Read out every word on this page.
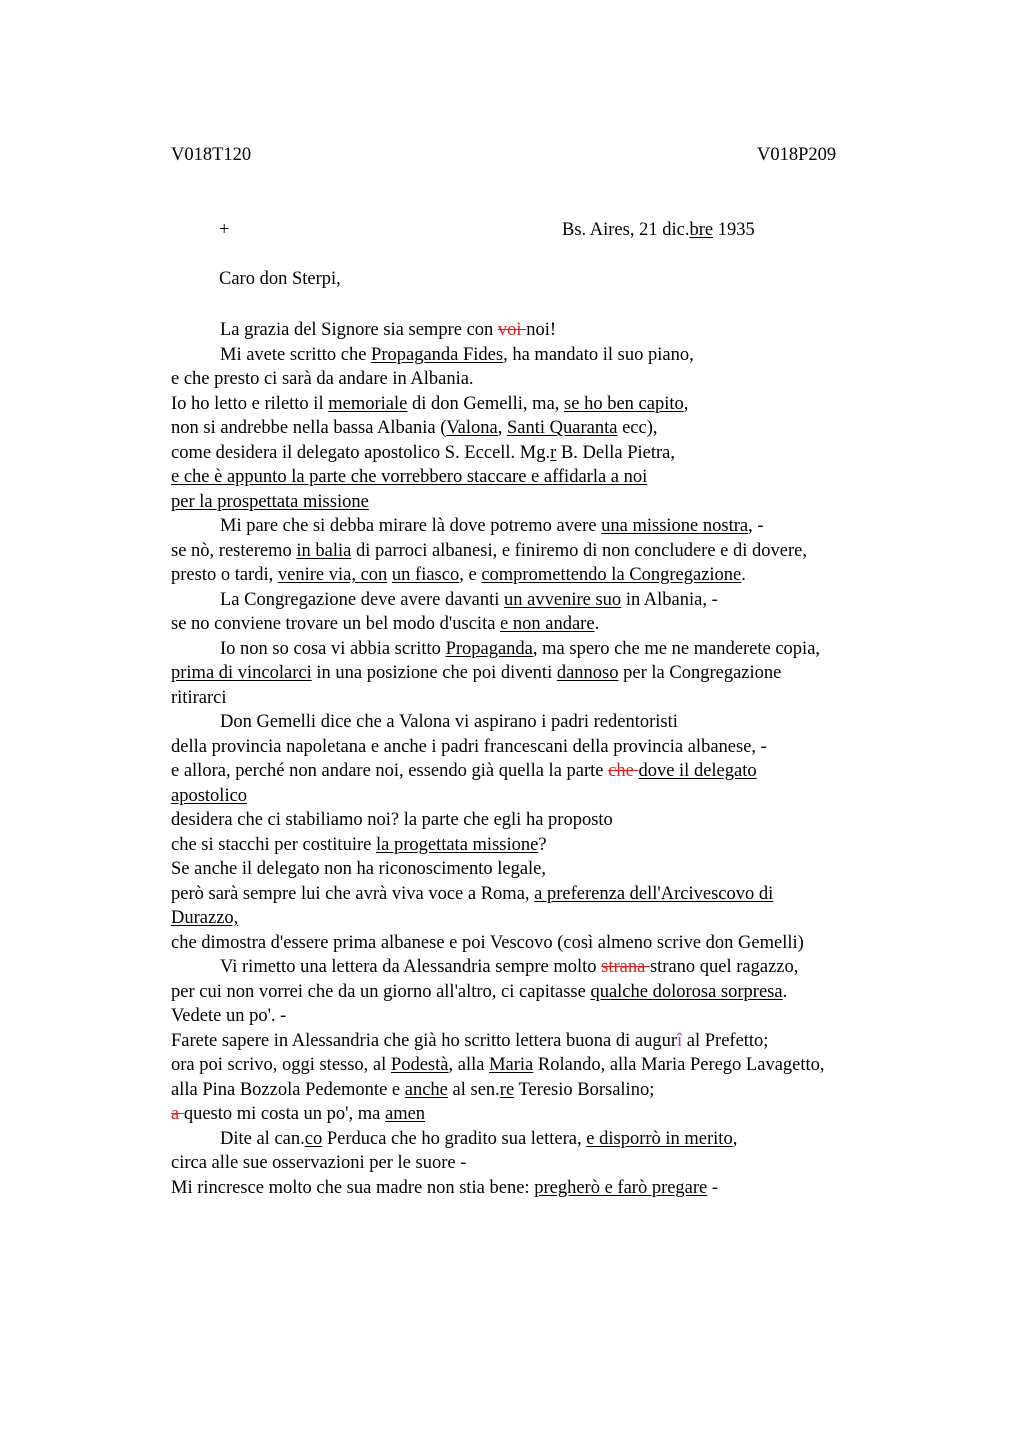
V018T120	V018P209
+	Bs. Aires, 21 dic.bre 1935
Caro don Sterpi,
La grazia del Signore sia sempre con voi noi!
Mi avete scritto che Propaganda Fides, ha mandato il suo piano,
e che presto ci sarà da andare in Albania.
Io ho letto e riletto il memoriale di don Gemelli, ma, se ho ben capito,
non si andrebbe nella bassa Albania (Valona, Santi Quaranta ecc),
come desidera il delegato apostolico S. Eccell. Mg.r B. Della Pietra,
e che è appunto la parte che vorrebbero staccare e affidarla a noi
per la prospettata missione
Mi pare che si debba mirare là dove potremo avere una missione nostra, -
se nò, resteremo in balia di parroci albanesi, e finiremo di non concludere e di dovere,
presto o tardi, venire via, con un fiasco, e compromettendo la Congregazione.
La Congregazione deve avere davanti un avvenire suo in Albania, -
se no conviene trovare un bel modo d'uscita e non andare.
Io non so cosa vi abbia scritto Propaganda, ma spero che me ne manderete copia,
prima di vincolarci in una posizione che poi diventi dannoso per la Congregazione
ritirarci
Don Gemelli dice che a Valona vi aspirano i padri redentoristi
della provincia napoletana e anche i padri francescani della provincia albanese, -
e allora, perché non andare noi, essendo già quella la parte che dove il delegato
apostolico
desidera che ci stabiliamo noi? la parte che egli ha proposto
che si stacchi per costituire la progettata missione?
Se anche il delegato non ha riconoscimento legale,
però sarà sempre lui che avrà viva voce a Roma, a preferenza dell'Arcivescovo di
Durazzo,
che dimostra d'essere prima albanese e poi Vescovo (così almeno scrive don Gemelli)
Vi rimetto una lettera da Alessandria sempre molto strana strano quel ragazzo,
per cui non vorrei che da un giorno all'altro, ci capitasse qualche dolorosa sorpresa.
Vedete un po'. -
Farete sapere in Alessandria che già ho scritto lettera buona di augurî al Prefetto;
ora poi scrivo, oggi stesso, al Podestà, alla Maria Rolando, alla Maria Perego Lavagetto,
alla Pina Bozzola Pedemonte e anche al sen.re Teresio Borsalino;
a questo mi costa un po', ma amen
Dite al can.co Perduca che ho gradito sua lettera, e disporrò in merito,
circa alle sue osservazioni per le suore -
Mi rincresce molto che sua madre non stia bene: pregherò e farò pregare -
